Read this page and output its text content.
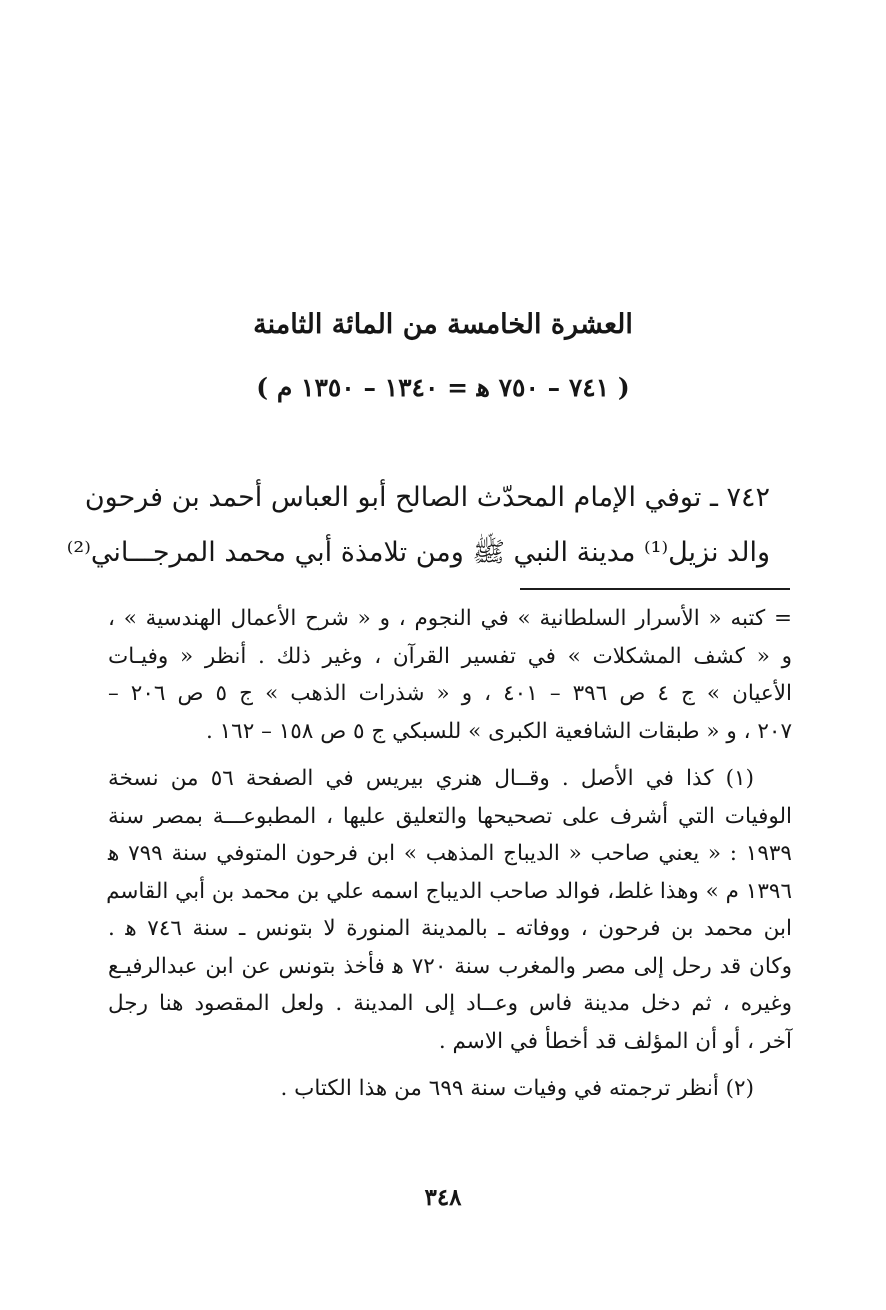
العشرة الخامسة من المائة الثامنة
( ٧٤١ – ٧٥٠ ﻫ = ١٣٤٠ – ١٣٥٠ م )
٧٤٢ ـ توفي الإمام المحدّث الصالح أبو العباس أحمد بن فرحون
والد نزيل⁽¹⁾ مدينة النبي ﷺ ومن تلامذة أبي محمد المرجـــاني⁽²⁾
= كتبه « الأسرار السلطانية » في النجوم ، و « شرح الأعمال الهندسية » ،
و « كشف المشكلات » في تفسير القرآن ، وغير ذلك . أنظر « وفيـات
الأعيان » ج ٤ ص ٣٩٦ – ٤٠١ ، و « شذرات الذهب » ج ٥ ص ٢٠٦ –
٢٠٧ ، و « طبقات الشافعية الكبرى » للسبكي ج ٥ ص ١٥٨ – ١٦٢ .
(١) كذا في الأصل . وقــال هنري بيريس في الصفحة ٥٦ من نسخة
الوفيات التي أشرف على تصحيحها والتعليق عليها ، المطبوعـــة بمصر سنة
١٩٣٩ : « يعني صاحب « الديباج المذهب » ابن فرحون المتوفي سنة ٧٩٩ ﻫ
١٣٩٦ م » وهذا غلط، فوالد صاحب الديباج اسمه علي بن محمد بن أبي القاسم
ابن محمد بن فرحون ، ووفاته ـ بالمدينة المنورة لا بتونس ـ سنة ٧٤٦ ﻫ .
وكان قد رحل إلى مصر والمغرب سنة ٧٢٠ ﻫ فأخذ بتونس عن ابن عبدالرفيـع
وغيره ، ثم دخل مدينة فاس وعــاد إلى المدينة . ولعل المقصود هنا رجل
آخر ، أو أن المؤلف قد أخطأ في الاسم .
(٢) أنظر ترجمته في وفيات سنة ٦٩٩ من هذا الكتاب .
٣٤٨
